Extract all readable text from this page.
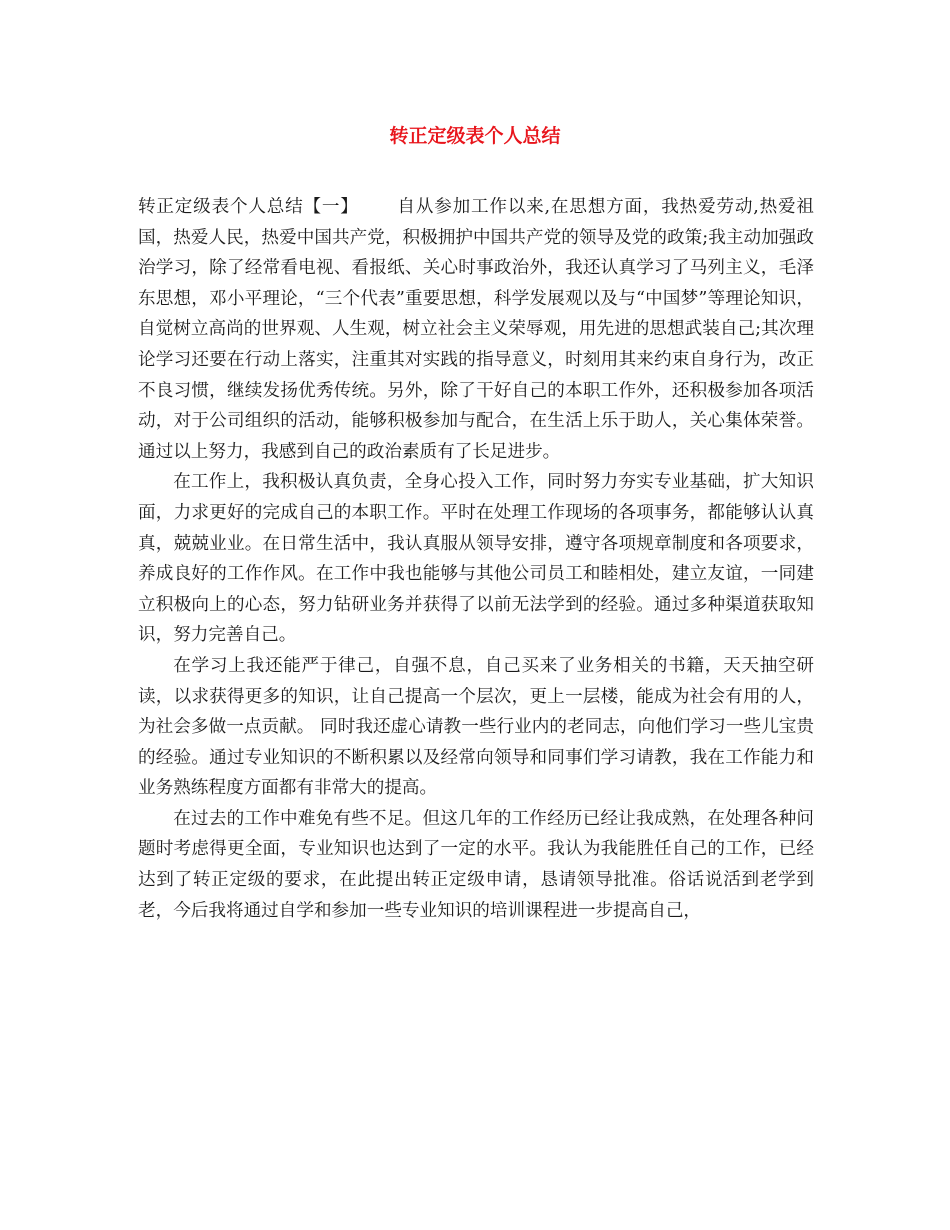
转正定级表个人总结

转正定级表个人总结【一】 自从参加工作以来,在思想方面，我热爱劳动,热爱祖国，热爱人民，热爱中国共产党，积极拥护中国共产党的领导及党的政策;我主动加强政治学习，除了经常看电视、看报纸、关心时事政治外，我还认真学习了马列主义，毛泽东思想，邓小平理论，“三个代表”重要思想，科学发展观以及与“中国梦”等理论知识，自觉树立高尚的世界观、人生观，树立社会主义荣辱观，用先进的思想武装自己;其次理论学习还要在行动上落实，注重其对实践的指导意义，时刻用其来约束自身行为，改正不良习惯，继续发扬优秀传统。另外，除了干好自己的本职工作外，还积极参加各项活动，对于公司组织的活动，能够积极参加与配合，在生活上乐于助人，关心集体荣誉。通过以上努力，我感到自己的政治素质有了长足进步。

在工作上，我积极认真负责，全身心投入工作，同时努力夯实专业基础，扩大知识面，力求更好的完成自己的本职工作。平时在处理工作现场的各项事务，都能够认认真真，兢兢业业。在日常生活中，我认真服从领导安排，遵守各项规章制度和各项要求，养成良好的工作作风。在工作中我也能够与其他公司员工和睦相处，建立友谊，一同建立积极向上的心态，努力钻研业务并获得了以前无法学到的经验。通过多种渠道获取知识，努力完善自己。

在学习上我还能严于律己，自强不息，自己买来了业务相关的书籍，天天抽空研读，以求获得更多的知识，让自己提高一个层次，更上一层楼，能成为社会有用的人，为社会多做一点贡献。 同时我还虚心请教一些行业内的老同志，向他们学习一些儿宝贵的经验。通过专业知识的不断积累以及经常向领导和同事们学习请教，我在工作能力和业务熟练程度方面都有非常大的提高。

在过去的工作中难免有些不足。但这几年的工作经历已经让我成熟，在处理各种问题时考虑得更全面，专业知识也达到了一定的水平。我认为我能胜任自己的工作，已经达到了转正定级的要求，在此提出转正定级申请，恳请领导批准。俗话说活到老学到老，今后我将通过自学和参加一些专业知识的培训课程进一步提高自己，
